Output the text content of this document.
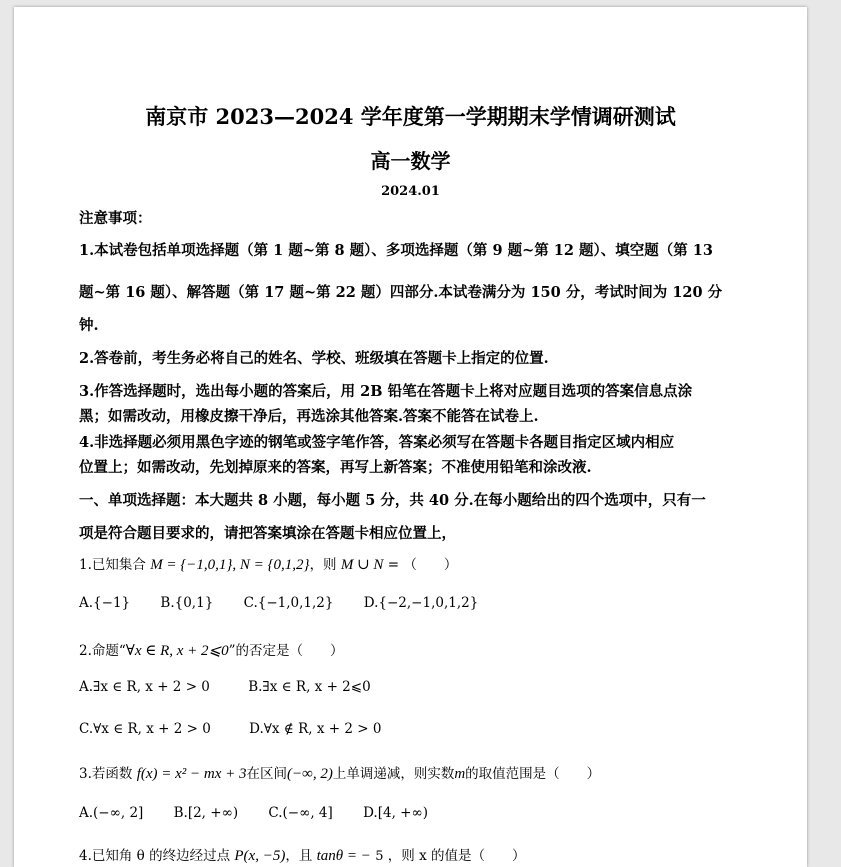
南京市 2023—2024 学年度第一学期期末学情调研测试
高一数学
2024.01
注意事项：
1.本试卷包括单项选择题（第 1 题~第 8 题）、多项选择题（第 9 题~第 12 题）、填空题（第 13
题~第 16 题）、解答题（第 17 题~第 22 题）四部分.本试卷满分为 150 分，考试时间为 120 分
钟.
2.答卷前，考生务必将自己的姓名、学校、班级填在答题卡上指定的位置.
3.作答选择题时，选出每小题的答案后，用 2B 铅笔在答题卡上将对应题目选项的答案信息点涂
黑；如需改动，用橡皮擦干净后，再选涂其他答案.答案不能答在试卷上.
4.非选择题必须用黑色字迹的钢笔或签字笔作答，答案必须写在答题卡各题目指定区域内相应
位置上；如需改动，先划掉原来的答案，再写上新答案；不准使用铅笔和涂改液.
一、单项选择题：本大题共 8 小题，每小题 5 分，共 40 分.在每小题给出的四个选项中，只有一
项是符合题目要求的，请把答案填涂在答题卡相应位置上，
1.已知集合 M = {−1,0,1}, N = {0,1,2}，则 M ∪ N = （　　）
A.{−1} B.{0,1} C.{−1,0,1,2} D.{−2,−1,0,1,2}
2.命题“∀x ∈ R, x + 2⩽0”的否定是（　　）
A.∃x ∈ R, x + 2 > 0	B.∃x ∈ R, x + 2⩽0
C.∀x ∈ R, x + 2 > 0	D.∀x ∉ R, x + 2 > 0
3.若函数 f(x) = x² − mx + 3在区间(−∞, 2)上单调递减，则实数m的取值范围是（　　）
A.(−∞, 2] B.[2, +∞) C.(−∞, 4] D.[4, +∞)
4.已知角 θ 的终边经过点 P(x, −5)，且 tanθ = − 5 ，则 x 的值是（　　）
